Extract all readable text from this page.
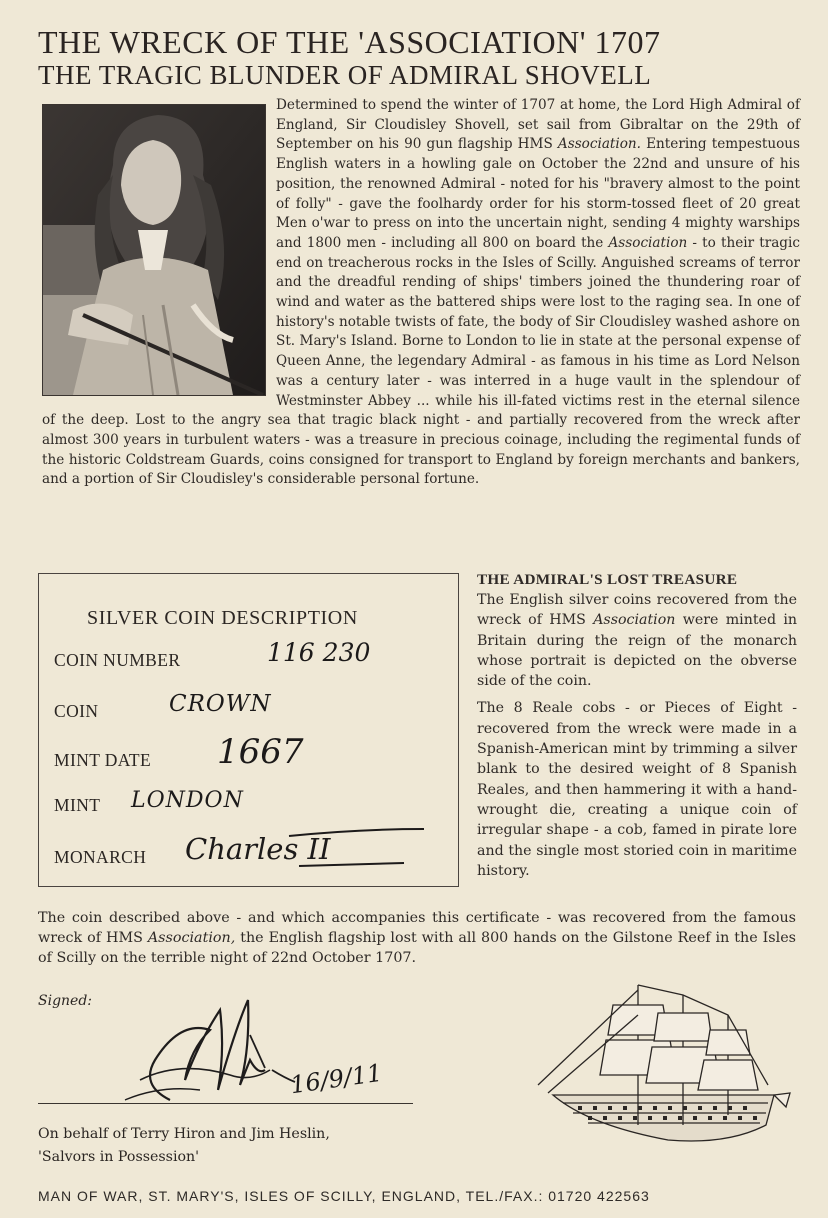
THE WRECK OF THE 'ASSOCIATION' 1707
THE TRAGIC BLUNDER OF ADMIRAL SHOVELL
Determined to spend the winter of 1707 at home, the Lord High Admiral of England, Sir Cloudisley Shovell, set sail from Gibraltar on the 29th of September on his 90 gun flagship HMS Association. Entering tempestuous English waters in a howling gale on October the 22nd and unsure of his position, the renowned Admiral - noted for his "bravery almost to the point of folly" - gave the foolhardy order for his storm-tossed fleet of 20 great Men o'war to press on into the uncertain night, sending 4 mighty warships and 1800 men - including all 800 on board the Association - to their tragic end on treacherous rocks in the Isles of Scilly. Anguished screams of terror and the dreadful rending of ships' timbers joined the thundering roar of wind and water as the battered ships were lost to the raging sea. In one of history's notable twists of fate, the body of Sir Cloudisley washed ashore on St. Mary's Island. Borne to London to lie in state at the personal expense of Queen Anne, the legendary Admiral - as famous in his time as Lord Nelson was a century later - was interred in a huge vault in the splendour of Westminster Abbey ... while his ill-fated victims rest in the eternal silence of the deep. Lost to the angry sea that tragic black night - and partially recovered from the wreck after almost 300 years in turbulent waters - was a treasure in precious coinage, including the regimental funds of the historic Coldstream Guards, coins consigned for transport to England by foreign merchants and bankers, and a portion of Sir Cloudisley's considerable personal fortune.
SILVER COIN DESCRIPTION
COIN NUMBER	116 230
COIN	CROWN
MINT DATE 1667
MINT LONDON
MONARCH Charles II
THE ADMIRAL'S LOST TREASURE

The English silver coins recovered from the wreck of HMS Association were minted in Britain during the reign of the monarch whose portrait is depicted on the obverse side of the coin.

The 8 Reale cobs - or Pieces of Eight - recovered from the wreck were made in a Spanish-American mint by trimming a silver blank to the desired weight of 8 Spanish Reales, and then hammering it with a hand-wrought die, creating a unique coin of irregular shape - a cob, famed in pirate lore and the single most storied coin in maritime history.

The coin described above - and which accompanies this certificate - was recovered from the famous wreck of HMS Association, the English flagship lost with all 800 hands on the Gilstone Reef in the Isles of Scilly on the terrible night of 22nd October 1707.
Signed:
16/9/11
On behalf of Terry Hiron and Jim Heslin,
'Salvors in Possession'
MAN OF WAR, ST. MARY'S, ISLES OF SCILLY, ENGLAND, TEL./FAX.: 01720 422563
